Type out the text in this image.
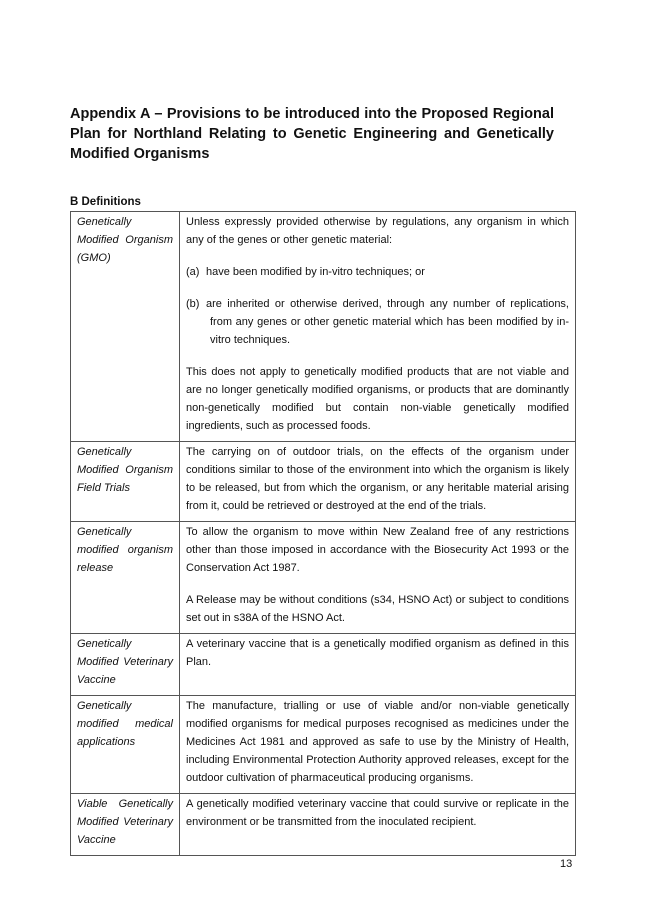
Appendix A – Provisions to be introduced into the Proposed Regional Plan for Northland Relating to Genetic Engineering and Genetically Modified Organisms
B Definitions
Genetically Modified Organism (GMO)	Unless expressly provided otherwise by regulations, any organism in which any of the genes or other genetic material:

(a) have been modified by in-vitro techniques; or
(b) are inherited or otherwise derived, through any number of replications, from any genes or other genetic material which has been modified by in-vitro techniques.

This does not apply to genetically modified products that are not viable and are no longer genetically modified organisms, or products that are dominantly non-genetically modified but contain non-viable genetically modified ingredients, such as processed foods.

Genetically Modified Organism Field Trials	The carrying on of outdoor trials, on the effects of the organism under conditions similar to those of the environment into which the organism is likely to be released, but from which the organism, or any heritable material arising from it, could be retrieved or destroyed at the end of the trials.

Genetically modified organism release	To allow the organism to move within New Zealand free of any restrictions other than those imposed in accordance with the Biosecurity Act 1993 or the Conservation Act 1987.

A Release may be without conditions (s34, HSNO Act) or subject to conditions set out in s38A of the HSNO Act.

Genetically Modified Veterinary Vaccine	A veterinary vaccine that is a genetically modified organism as defined in this Plan.

Genetically modified medical applications	The manufacture, trialling or use of viable and/or non-viable genetically modified organisms for medical purposes recognised as medicines under the Medicines Act 1981 and approved as safe to use by the Ministry of Health, including Environmental Protection Authority approved releases, except for the outdoor cultivation of pharmaceutical producing organisms.

Viable Genetically Modified Veterinary Vaccine	A genetically modified veterinary vaccine that could survive or replicate in the environment or be transmitted from the inoculated recipient.

13
